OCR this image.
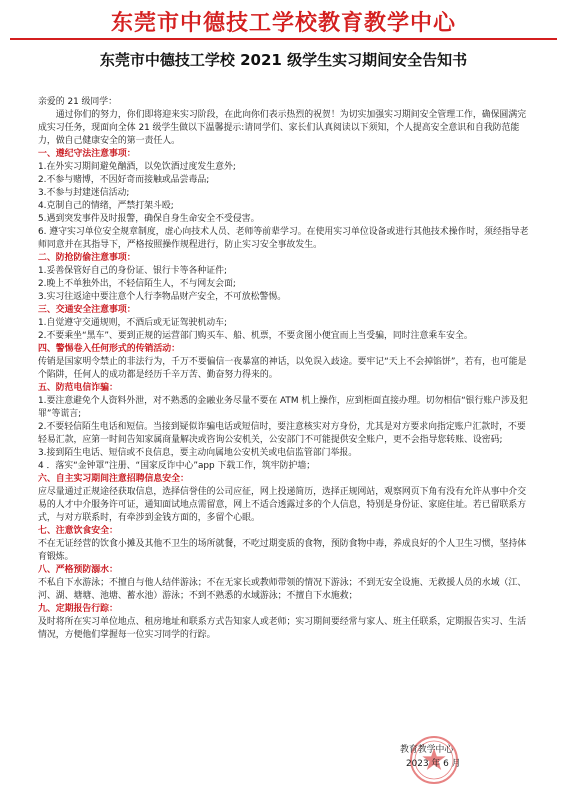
东莞市中德技工学校教育教学中心
东莞市中德技工学校 2021 级学生实习期间安全告知书

亲爱的 21 级同学：

通过你们的努力，你们即将迎来实习阶段，在此向你们表示热烈的祝贺！为切实加强实习期间安全管理工作，确保圆满完成实习任务，现面向全体 21 级学生做以下温馨提示:请同学们、家长们认真阅读以下须知，个人提高安全意识和自我防范能力，做自己健康安全的第一责任人。

一、遵纪守法注意事项：

1.在外实习期间避免酗酒，以免饮酒过度发生意外;

2.不参与赌博，不因好奇而接触或品尝毒品;

3.不参与封建迷信活动;

4.克制自己的情绪，严禁打架斗殴;

5.遇到突发事件及时报警，确保自身生命安全不受侵害。

6. 遵守实习单位安全规章制度，虚心向技术人员、老师等前辈学习。在使用实习单位设备或进行其他技术操作时，须经指导老师同意并在其指导下，严格按照操作规程进行，防止实习安全事故发生。

二、防抢防偷注意事项：

1.妥善保管好自己的身份证、银行卡等各种证件;

2.晚上不单独外出，不轻信陌生人，不与网友会面;

3.实习往返途中要注意个人行李物品财产安全，不可放松警惕。

三、交通安全注意事项：

1.自觉遵守交通规则，不酒后或无证驾驶机动车;

2.不要乘坐“黑车”、要到正规的运营部门购买车、船、机票，不要贪图小便宜而上当受骗，同时注意乘车安全。

四、警惕卷入任何形式的传销活动：

传销是国家明令禁止的非法行为，千万不要偏信一夜暴富的神话，以免误入歧途。要牢记“天上不会掉馅饼”，若有，也可能是个陷阱，任何人的成功都是经历千辛万苦、勤奋努力得来的。

五、防范电信诈骗：

1.要注意避免个人资料外泄，对不熟悉的金融业务尽量不要在 ATM 机上操作，应到柜面直接办理。切勿相信“银行账户涉及犯罪”等谎言;

2.不要轻信陌生电话和短信。当接到疑似诈骗电话或短信时，要注意核实对方身份，尤其是对方要求向指定账户汇款时，不要轻易汇款，应第一时间告知家属商量解决或咨询公安机关，公安部门不可能提供安全账户，更不会指导您转账、设密码;

3.接到陌生电话、短信或不良信息，要主动向属地公安机关或电信监管部门举报。

4 ．落实“金钟罩”注册、“国家反诈中心”app 下载工作，筑牢防护墙；

六、自主实习期间注意招聘信息安全：

应尽量通过正规途径获取信息，选择信誉佳的公司应征，网上投递简历，选择正规网站，观察网页下角有没有允许从事中介交易的人才中介服务许可证，通知面试地点需留意，网上不适合透露过多的个人信息，特别是身份证、家庭住址。若已留联系方式，与对方联系时，有牵涉到金钱方面的，多留个心眼。

七、注意饮食安全：

不在无证经营的饮食小摊及其他不卫生的场所就餐，不吃过期变质的食物，预防食物中毒，养成良好的个人卫生习惯，坚持体育锻炼。

八、严格预防溺水：

不私自下水游泳；不擅自与他人结伴游泳；不在无家长或教师带领的情况下游泳；不到无安全设施、无救援人员的水域（江、河、湖、塘塘、池塘、蓄水池）游泳；不到不熟悉的水域游泳；不擅自下水施救；

九、定期报告行踪：

及时将所在实习单位地点、租房地址和联系方式告知家人或老师；实习期间要经常与家人、班主任联系，定期报告实习、生活情况，方便他们掌握每一位实习同学的行踪。

教育教学中心
2023 年 6 月
